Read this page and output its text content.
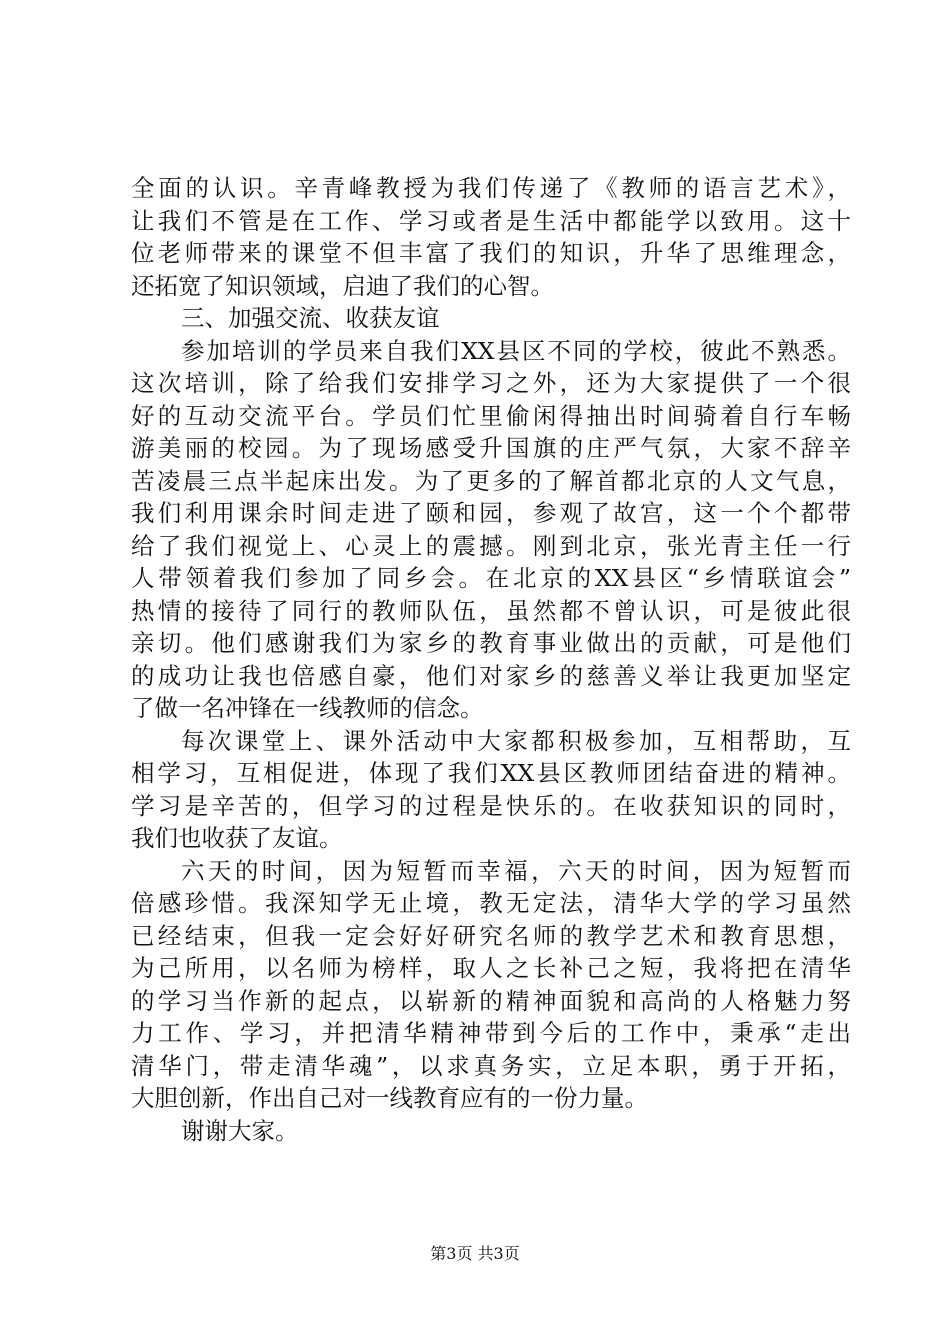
全面的认识。辛青峰教授为我们传递了《教师的语言艺术》，
让我们不管是在工作、学习或者是生活中都能学以致用。这十
位老师带来的课堂不但丰富了我们的知识，升华了思维理念，
还拓宽了知识领域，启迪了我们的心智。
三、加强交流、收获友谊
参加培训的学员来自我们XX县区不同的学校，彼此不熟悉。
这次培训，除了给我们安排学习之外，还为大家提供了一个很
好的互动交流平台。学员们忙里偷闲得抽出时间骑着自行车畅
游美丽的校园。为了现场感受升国旗的庄严气氛，大家不辞辛
苦凌晨三点半起床出发。为了更多的了解首都北京的人文气息，
我们利用课余时间走进了颐和园，参观了故宫，这一个个都带
给了我们视觉上、心灵上的震撼。刚到北京，张光青主任一行
人带领着我们参加了同乡会。在北京的XX县区“乡情联谊会”
热情的接待了同行的教师队伍，虽然都不曾认识，可是彼此很
亲切。他们感谢我们为家乡的教育事业做出的贡献，可是他们
的成功让我也倍感自豪，他们对家乡的慈善义举让我更加坚定
了做一名冲锋在一线教师的信念。
每次课堂上、课外活动中大家都积极参加，互相帮助，互
相学习，互相促进，体现了我们XX县区教师团结奋进的精神。
学习是辛苦的，但学习的过程是快乐的。在收获知识的同时，
我们也收获了友谊。
六天的时间，因为短暂而幸福，六天的时间，因为短暂而
倍感珍惜。我深知学无止境，教无定法，清华大学的学习虽然
已经结束，但我一定会好好研究名师的教学艺术和教育思想，
为己所用，以名师为榜样，取人之长补己之短，我将把在清华
的学习当作新的起点，以崭新的精神面貌和高尚的人格魅力努
力工作、学习，并把清华精神带到今后的工作中，秉承“走出
清华门，带走清华魂”，以求真务实，立足本职，勇于开拓，
大胆创新，作出自己对一线教育应有的一份力量。
谢谢大家。
第3页 共3页
